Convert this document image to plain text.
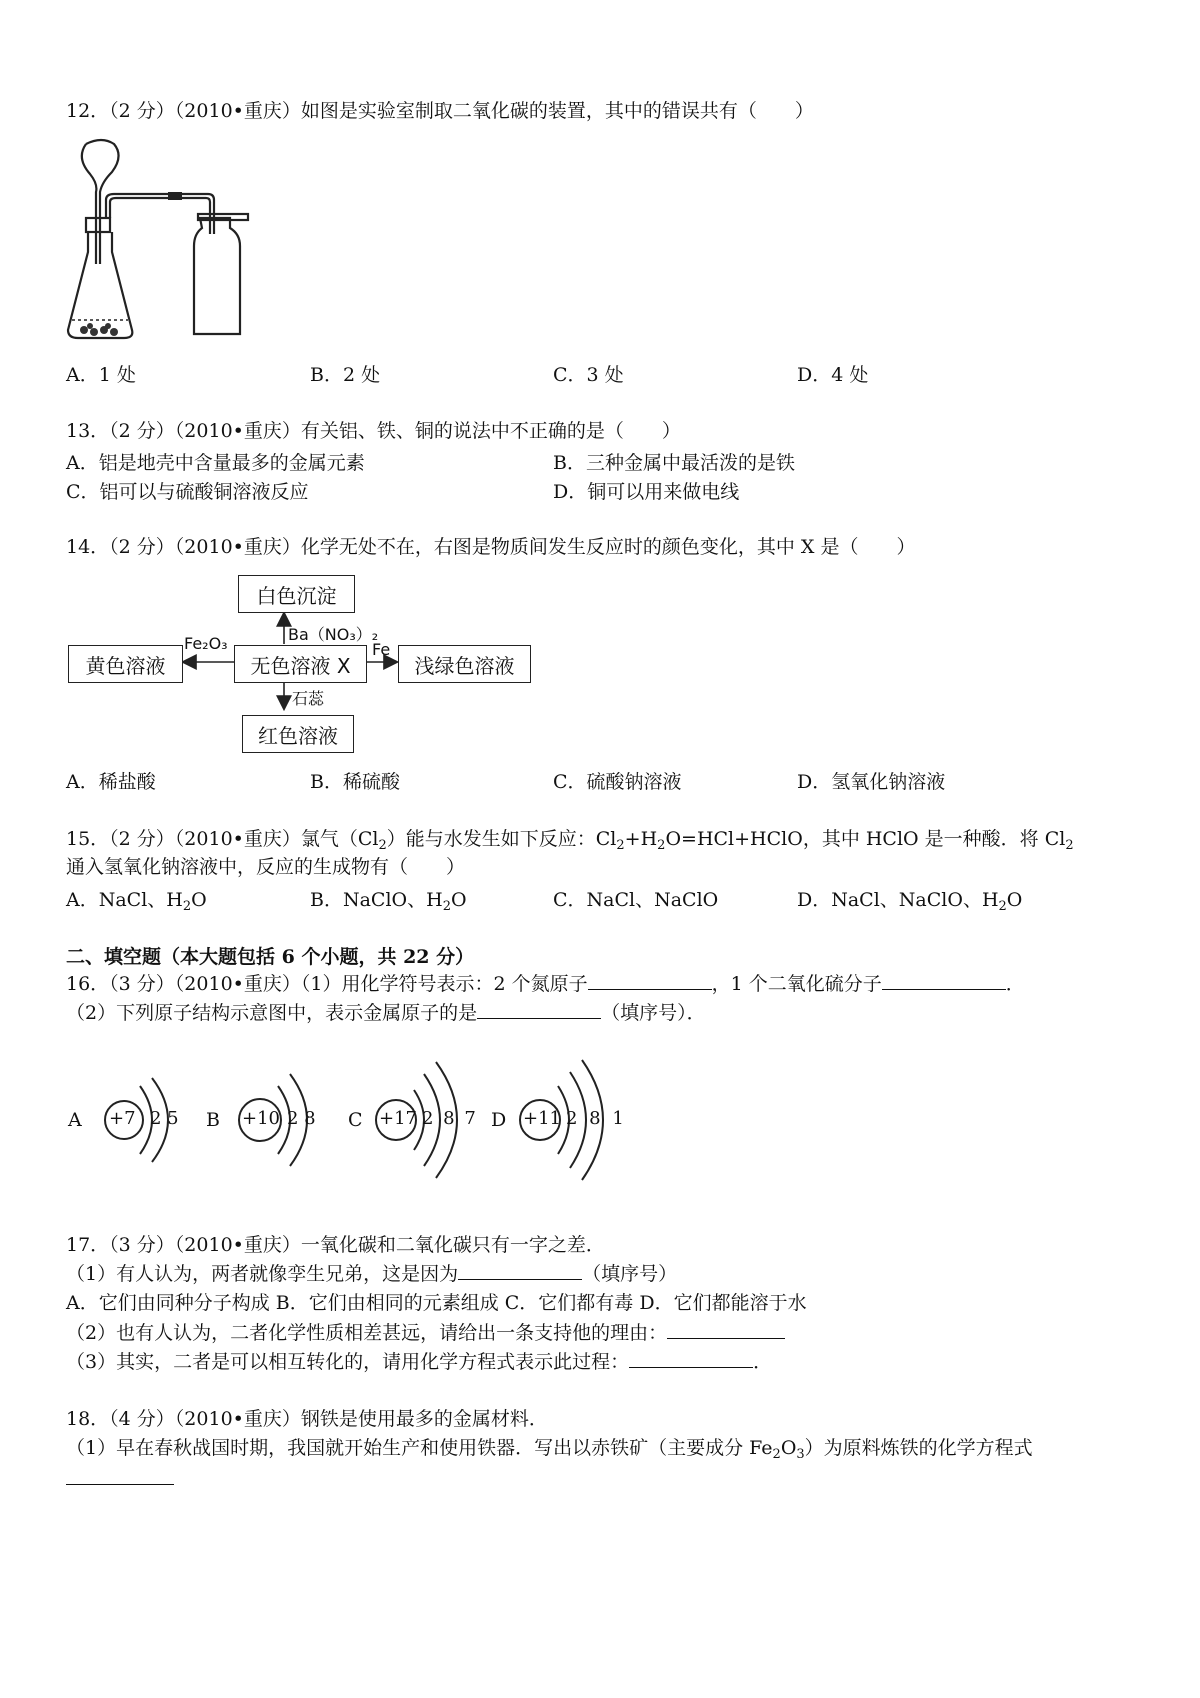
12．（2 分）（2010•重庆）如图是实验室制取二氧化碳的装置，其中的错误共有（　　）
A．1 处	B．2 处	C．3 处	D．4 处
13．（2 分）（2010•重庆）有关铝、铁、铜的说法中不正确的是（　　）
A．铝是地壳中含量最多的金属元素	B．三种金属中最活泼的是铁
C．铝可以与硫酸铜溶液反应	D．铜可以用来做电线
14．（2 分）（2010•重庆）化学无处不在，右图是物质间发生反应时的颜色变化，其中 X 是（　　）
白色沉淀
黄色溶液	无色溶液 X	浅绿色溶液
红色溶液
Ba（NO₃）₂
Fe₂O₃	Fe
石蕊
A．稀盐酸	B．稀硫酸	C．硫酸钠溶液	D．氢氧化钠溶液
15．（2 分）（2010•重庆）氯气$(Cl_2)$能与水发生如下反应：$Cl_2+H_2O=HCl+HClO$，其中 HClO 是一种酸．将 $Cl_2$
通入氢氧化钠溶液中，反应的生成物有（　　）
A．NaCl、$H_2O$	B．NaClO、$H_2O$	C．NaCl、NaClO	D．NaCl、NaClO、$H_2O$
二、填空题（本大题包括 6 个小题，共 22 分）
16．（3 分）（2010•重庆）（1）用化学符号表示：2 个氮原子	，1 个二氧化硫分子	．
（2）下列原子结构示意图中，表示金属原子的是	（填序号）．
A +7 2 5 B +10 2 8 C +17 2 8 7 D +11 2 8 1
17．（3 分）（2010•重庆）一氧化碳和二氧化碳只有一字之差．
（1）有人认为，两者就像孪生兄弟，这是因为	（填序号）
A．它们由同种分子构成 B．它们由相同的元素组成 C．它们都有毒 D．它们都能溶于水
（2）也有人认为，二者化学性质相差甚远，请给出一条支持他的理由：
（3）其实，二者是可以相互转化的，请用化学方程式表示此过程：	．
18．（4 分）（2010•重庆）钢铁是使用最多的金属材料．
（1）早在春秋战国时期，我国就开始生产和使用铁器．写出以赤铁矿（主要成分 $Fe_2O_3$）为原料炼铁的化学方程式
